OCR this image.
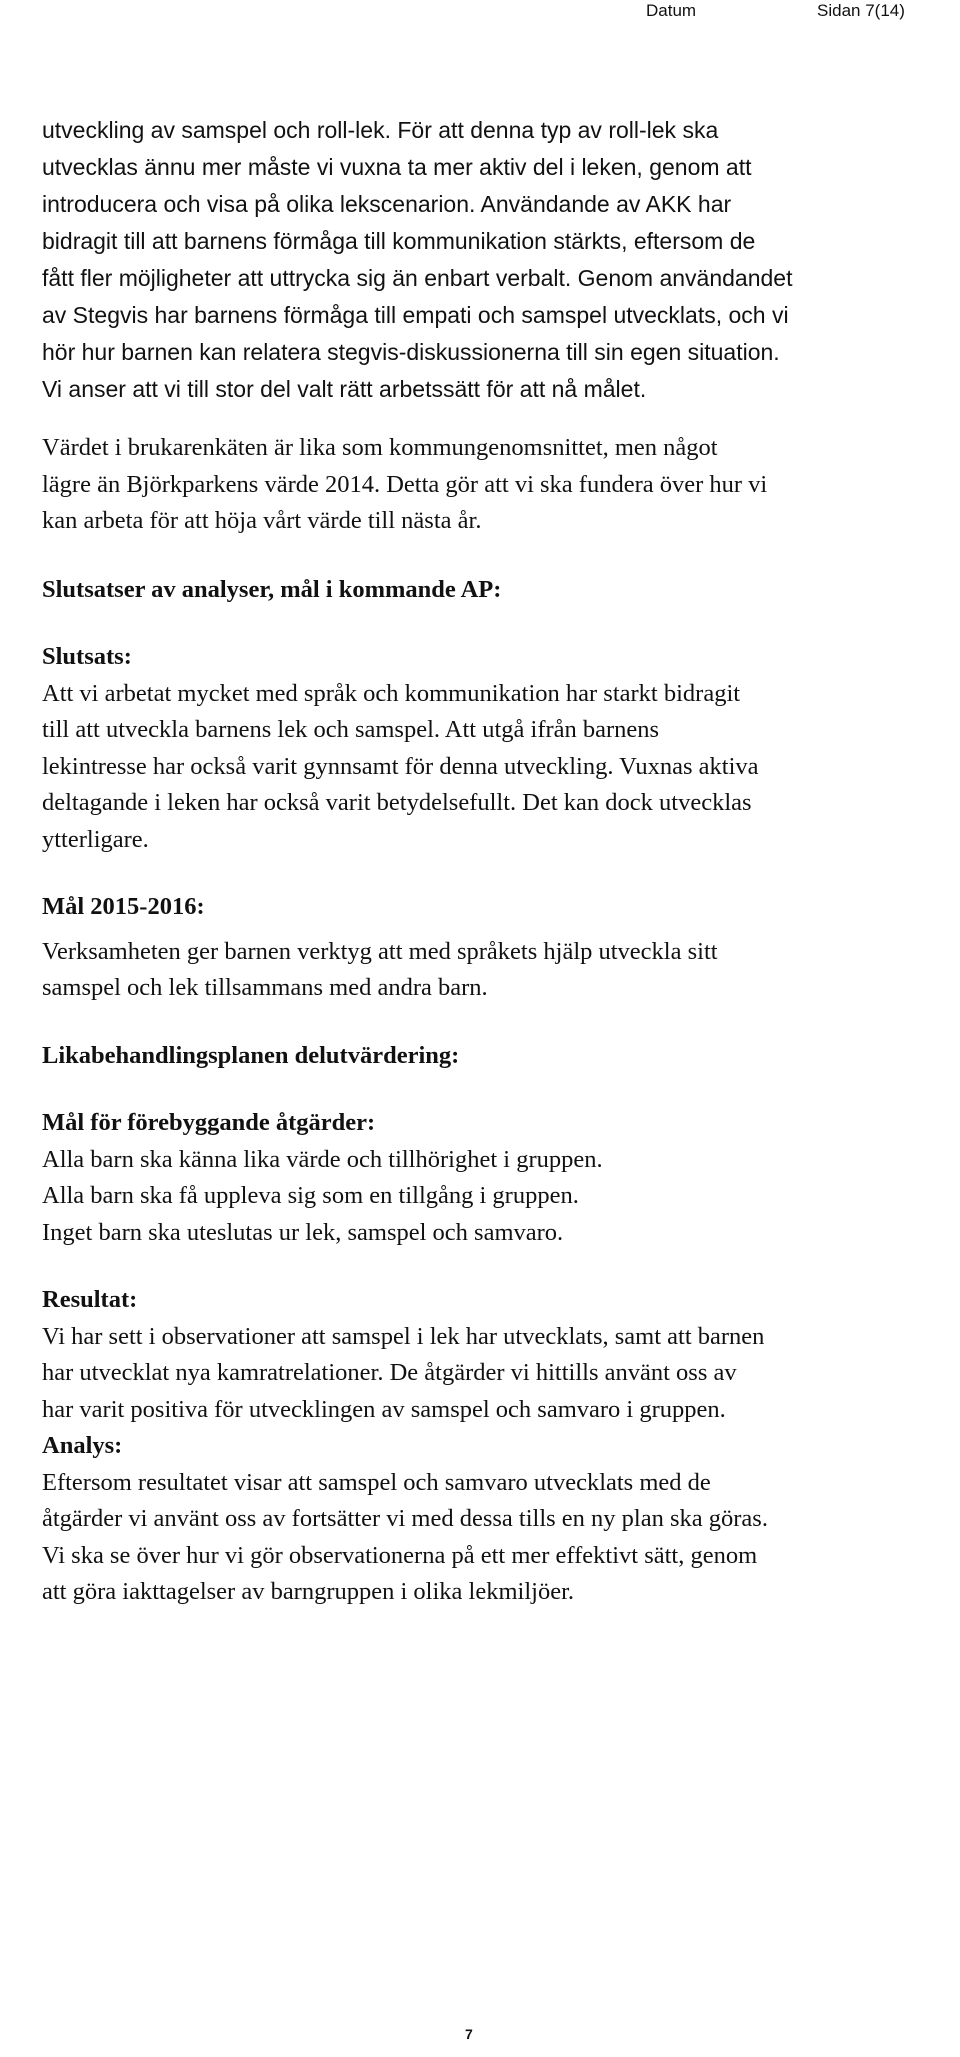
Datum	Sidan 7(14)

utveckling av samspel och roll-lek. För att denna typ av roll-lek ska
utvecklas ännu mer måste vi vuxna ta mer aktiv del i leken, genom att
introducera och visa på olika lekscenarion. Användande av AKK har
bidragit till att barnens förmåga till kommunikation stärkts, eftersom de
fått fler möjligheter att uttrycka sig än enbart verbalt. Genom användandet
av Stegvis har barnens förmåga till empati och samspel utvecklats, och vi
hör hur barnen kan relatera stegvis-diskussionerna till sin egen situation.
Vi anser att vi till stor del valt rätt arbetssätt för att nå målet.

Värdet i brukarenkäten är lika som kommungenomsnittet, men något
lägre än Björkparkens värde 2014. Detta gör att vi ska fundera över hur vi
kan arbeta för att höja vårt värde till nästa år.

Slutsatser av analyser, mål i kommande AP:

Slutsats:

Att vi arbetat mycket med språk och kommunikation har starkt bidragit
till att utveckla barnens lek och samspel. Att utgå ifrån barnens
lekintresse har också varit gynnsamt för denna utveckling. Vuxnas aktiva
deltagande i leken har också varit betydelsefullt. Det kan dock utvecklas
ytterligare.

Mål 2015-2016:

Verksamheten ger barnen verktyg att med språkets hjälp utveckla sitt
samspel och lek tillsammans med andra barn.

Likabehandlingsplanen delutvärdering:

Mål för förebyggande åtgärder:

Alla barn ska känna lika värde och tillhörighet i gruppen.
Alla barn ska få uppleva sig som en tillgång i gruppen.
Inget barn ska uteslutas ur lek, samspel och samvaro.

Resultat:

Vi har sett i observationer att samspel i lek har utvecklats, samt att barnen
har utvecklat nya kamratrelationer. De åtgärder vi hittills använt oss av
har varit positiva för utvecklingen av samspel och samvaro i gruppen.

Analys:

Eftersom resultatet visar att samspel och samvaro utvecklats med de
åtgärder vi använt oss av fortsätter vi med dessa tills en ny plan ska göras.
Vi ska se över hur vi gör observationerna på ett mer effektivt sätt, genom
att göra iakttagelser av barngruppen i olika lekmiljöer.

7
